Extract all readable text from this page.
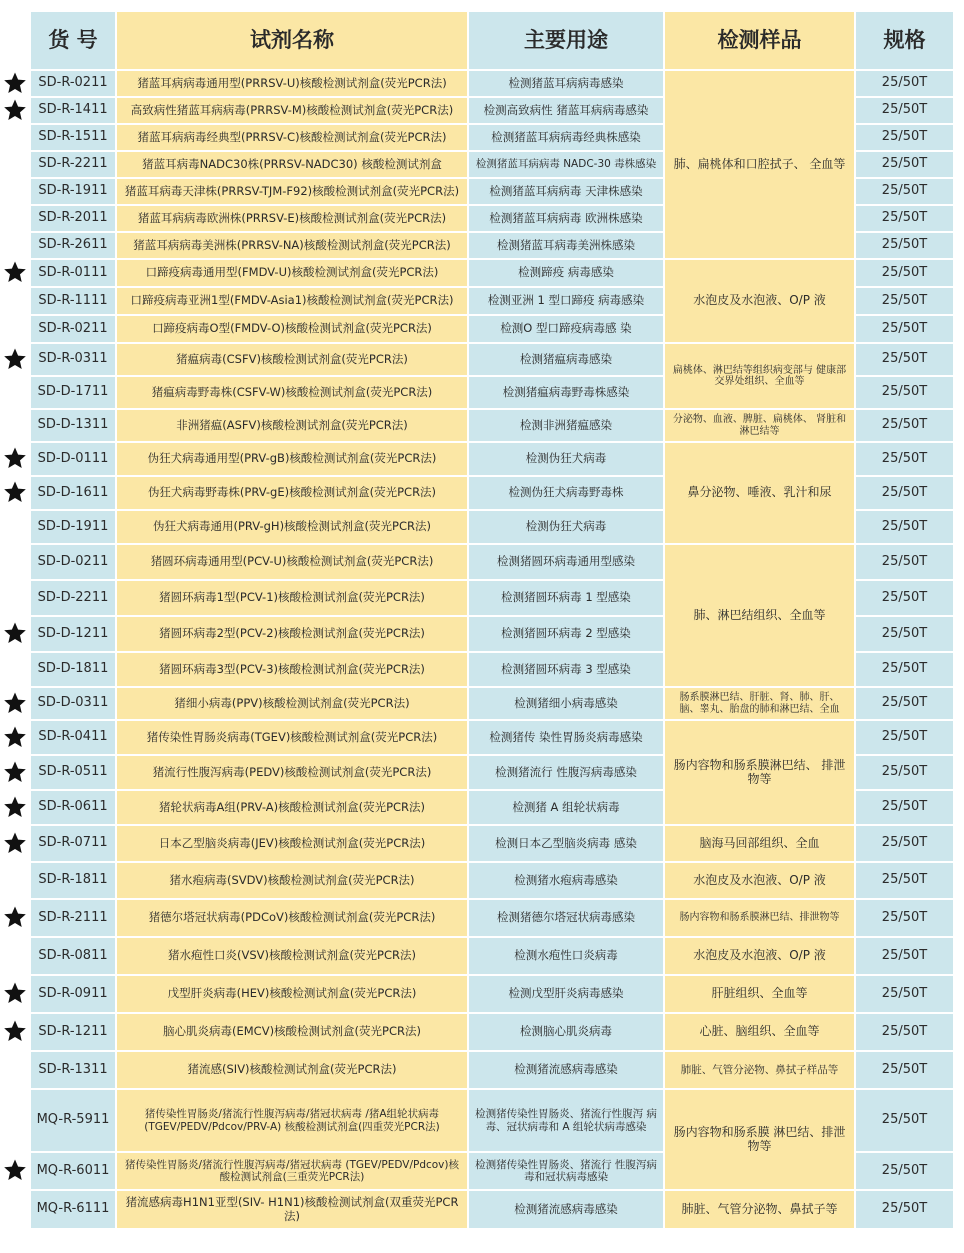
货 号	试剂名称	主要用途	检测样品	规格
SD-R-0211	猪蓝耳病病毒通用型(PRRSV-U)核酸检测试剂盒(荧光PCR法)	检测猪蓝耳病病毒感染	肺、扁桃体和口腔拭子、 全血等	25/50T
SD-R-1411	高致病性猪蓝耳病病毒(PRRSV-M)核酸检测试剂盒(荧光PCR法)	检测高致病性 猪蓝耳病病毒感染		25/50T
SD-R-1511	猪蓝耳病病毒经典型(PRRSV-C)核酸检测试剂盒(荧光PCR法)	检测猪蓝耳病病毒经典株感染		25/50T
SD-R-2211	猪蓝耳病毒NADC30株(PRRSV-NADC30) 核酸检测试剂盒	检测猪蓝耳病病毒 NADC-30 毒株感染		25/50T
SD-R-1911	猪蓝耳病毒天津株(PRRSV-TJM-F92)核酸检测试剂盒(荧光PCR法)	检测猪蓝耳病病毒 天津株感染		25/50T
SD-R-2011	猪蓝耳病病毒欧洲株(PRRSV-E)核酸检测试剂盒(荧光PCR法)	检测猪蓝耳病病毒 欧洲株感染		25/50T
SD-R-2611	猪蓝耳病病毒美洲株(PRRSV-NA)核酸检测试剂盒(荧光PCR法)	检测猪蓝耳病毒美洲株感染		25/50T
SD-R-0111	口蹄疫病毒通用型(FMDV-U)核酸检测试剂盒(荧光PCR法)	检测蹄疫 病毒感染	水泡皮及水泡液、O/P 液	25/50T
SD-R-1111	口蹄疫病毒亚洲1型(FMDV-Asia1)核酸检测试剂盒(荧光PCR法)	检测亚洲 1 型口蹄疫 病毒感染		25/50T
SD-R-0211	口蹄疫病毒O型(FMDV-O)核酸检测试剂盒(荧光PCR法)	检测O 型口蹄疫病毒感 染		25/50T
SD-R-0311	猪瘟病毒(CSFV)核酸检测试剂盒(荧光PCR法)	检测猪瘟病毒感染	扁桃体、淋巴结等组织病变部与 健康部交界处组织、全血等	25/50T
SD-D-1711	猪瘟病毒野毒株(CSFV-W)核酸检测试剂盒(荧光PCR法)	检测猪瘟病毒野毒株感染		25/50T
SD-D-1311	非洲猪瘟(ASFV)核酸检测试剂盒(荧光PCR法)	检测非洲猪瘟感染	分泌物、血液、脾脏、扁桃体、 肾脏和淋巴结等	25/50T
SD-D-0111	伪狂犬病毒通用型(PRV-gB)核酸检测试剂盒(荧光PCR法)	检测伪狂犬病毒	鼻分泌物、唾液、乳汁和尿	25/50T
SD-D-1611	伪狂犬病毒野毒株(PRV-gE)核酸检测试剂盒(荧光PCR法)	检测伪狂犬病毒野毒株		25/50T
SD-D-1911	伪狂犬病毒通用(PRV-gH)核酸检测试剂盒(荧光PCR法)	检测伪狂犬病毒		25/50T
SD-D-0211	猪圆环病毒通用型(PCV-U)核酸检测试剂盒(荧光PCR法)	检测猪圆环病毒通用型感染	肺、淋巴结组织、全血等	25/50T
SD-D-2211	猪圆环病毒1型(PCV-1)核酸检测试剂盒(荧光PCR法)	检测猪圆环病毒 1 型感染		25/50T
SD-D-1211	猪圆环病毒2型(PCV-2)核酸检测试剂盒(荧光PCR法)	检测猪圆环病毒 2 型感染		25/50T
SD-D-1811	猪圆环病毒3型(PCV-3)核酸检测试剂盒(荧光PCR法)	检测猪圆环病毒 3 型感染		25/50T
SD-D-0311	猪细小病毒(PPV)核酸检测试剂盒(荧光PCR法)	检测猪细小病毒感染	肠系膜淋巴结、肝脏、肾、肺、肝、 脑、睾丸、胎盘的肺和淋巴结、全血	25/50T
SD-R-0411	猪传染性胃肠炎病毒(TGEV)核酸检测试剂盒(荧光PCR法)	检测猪传 染性胃肠炎病毒感染	肠内容物和肠系膜淋巴结、 排泄物等	25/50T
SD-R-0511	猪流行性腹泻病毒(PEDV)核酸检测试剂盒(荧光PCR法)	检测猪流行 性腹泻病毒感染		25/50T
SD-R-0611	猪轮状病毒A组(PRV-A)核酸检测试剂盒(荧光PCR法)	检测猪 A 组轮状病毒		25/50T
SD-R-0711	日本乙型脑炎病毒(JEV)核酸检测试剂盒(荧光PCR法)	检测日本乙型脑炎病毒 感染	脑海马回部组织、全血	25/50T
SD-R-1811	猪水疱病毒(SVDV)核酸检测试剂盒(荧光PCR法)	检测猪水疱病毒感染	水泡皮及水泡液、O/P 液	25/50T
SD-R-2111	猪德尔塔冠状病毒(PDCoV)核酸检测试剂盒(荧光PCR法)	检测猪德尔塔冠状病毒感染	肠内容物和肠系膜淋巴结、排泄物等	25/50T
SD-R-0811	猪水疱性口炎(VSV)核酸检测试剂盒(荧光PCR法)	检测水疱性口炎病毒	水泡皮及水泡液、O/P 液	25/50T
SD-R-0911	戊型肝炎病毒(HEV)核酸检测试剂盒(荧光PCR法)	检测戊型肝炎病毒感染	肝脏组织、全血等	25/50T
SD-R-1211	脑心肌炎病毒(EMCV)核酸检测试剂盒(荧光PCR法)	检测脑心肌炎病毒	心脏、脑组织、全血等	25/50T
SD-R-1311	猪流感(SIV)核酸检测试剂盒(荧光PCR法)	检测猪流感病毒感染	肺脏、气管分泌物、鼻拭子样品等	25/50T
MQ-R-5911	猪传染性胃肠炎/猪流行性腹泻病毒/猪冠状病毒 /猪A组轮状病毒(TGEV/PEDV/Pdcov/PRV-A) 核酸检测试剂盒(四重荧光PCR法)	检测猪传染性胃肠炎、猪流行性腹泻 病毒、冠状病毒和 A 组轮状病毒感染	肠内容物和肠系膜 淋巴结、排泄物等	25/50T
MQ-R-6011	猪传染性胃肠炎/猪流行性腹泻病毒/猪冠状病毒 (TGEV/PEDV/Pdcov)核酸检测试剂盒(三重荧光PCR法)	检测猪传染性胃肠炎、猪流行 性腹泻病毒和冠状病毒感染		25/50T
MQ-R-6111	猪流感病毒H1N1亚型(SIV- H1N1)核酸检测试剂盒(双重荧光PCR法)	检测猪流感病毒感染	肺脏、气管分泌物、鼻拭子等	25/50T
